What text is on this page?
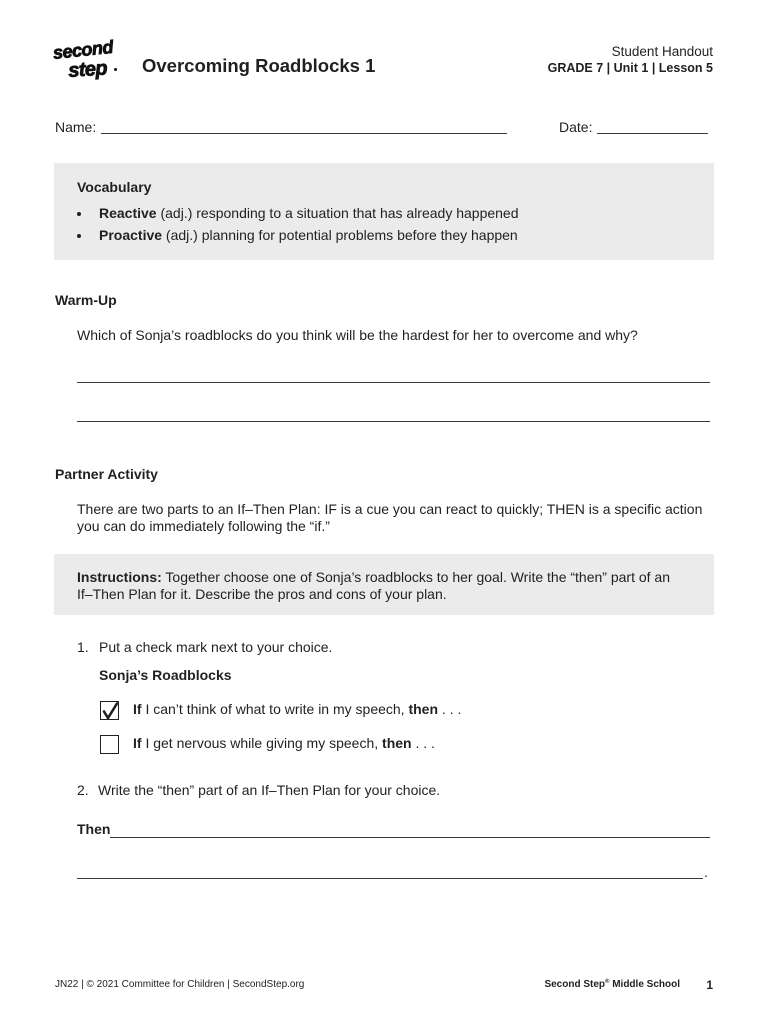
second
step Overcoming Roadblocks 1
Student Handout
GRADE 7 | Unit 1 | Lesson 5
Name:	Date:
Vocabulary
Reactive (adj.) responding to a situation that has already happened
Proactive (adj.) planning for potential problems before they happen
Warm-Up
Which of Sonja’s roadblocks do you think will be the hardest for her to overcome and why?
Partner Activity
There are two parts to an If–Then Plan: IF is a cue you can react to quickly; THEN is a specific action you can do immediately following the “if.”
Instructions: Together choose one of Sonja’s roadblocks to her goal. Write the “then” part of an If–Then Plan for it. Describe the pros and cons of your plan.
1. Put a check mark next to your choice.
Sonja’s Roadblocks
If I can’t think of what to write in my speech, then . . .
If I get nervous while giving my speech, then . . .
2. Write the “then” part of an If–Then Plan for your choice.
Then
.
JN22 | © 2021 Committee for Children | SecondStep.org	Second Step® Middle School 1
